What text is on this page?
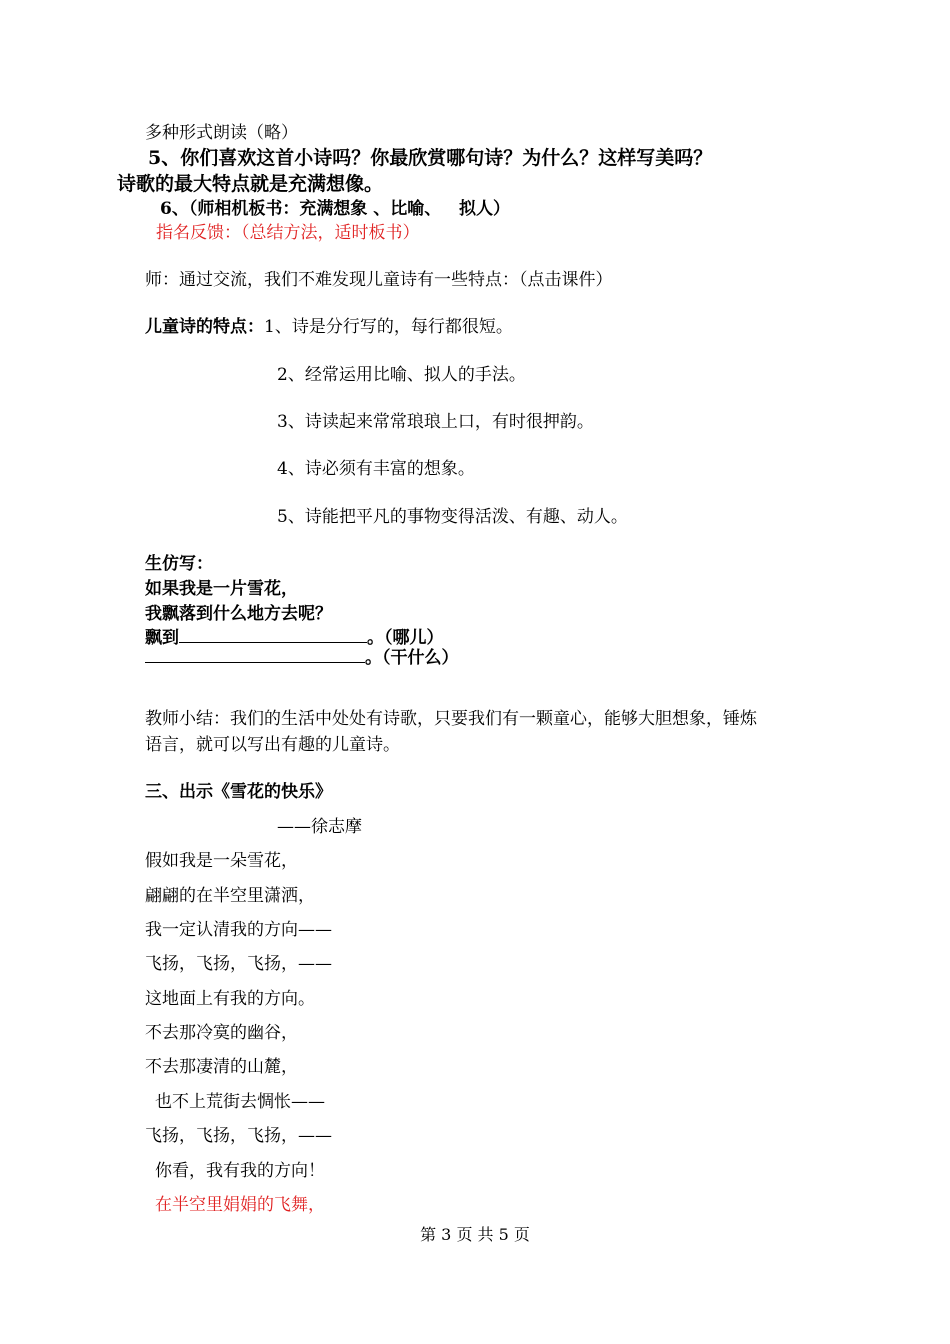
多种形式朗读（略）
5、你们喜欢这首小诗吗？你最欣赏哪句诗？为什么？这样写美吗？
诗歌的最大特点就是充满想像。
6、（师相机板书：充满想象 、比喻、   拟人）
指名反馈：（总结方法，适时板书）
师：通过交流，我们不难发现儿童诗有一些特点：（点击课件）
儿童诗的特点：1、诗是分行写的，每行都很短。
2、经常运用比喻、拟人的手法。
3、诗读起来常常琅琅上口，有时很押韵。
4、诗必须有丰富的想象。
5、诗能把平凡的事物变得活泼、有趣、动人。
生仿写：
如果我是一片雪花，
我飘落到什么地方去呢？
飘到	。（哪儿）
。（干什么）
教师小结：我们的生活中处处有诗歌，只要我们有一颗童心，能够大胆想象，锤炼
语言，就可以写出有趣的儿童诗。
三、出示《雪花的快乐》
——徐志摩
假如我是一朵雪花，
翩翩的在半空里潇洒，
我一定认清我的方向——
飞扬，飞扬，飞扬，——
这地面上有我的方向。
不去那冷寞的幽谷，
不去那凄清的山麓，
也不上荒街去惆怅——
飞扬，飞扬，飞扬，——
你看，我有我的方向！
在半空里娟娟的飞舞，
第 3 页 共 5 页
